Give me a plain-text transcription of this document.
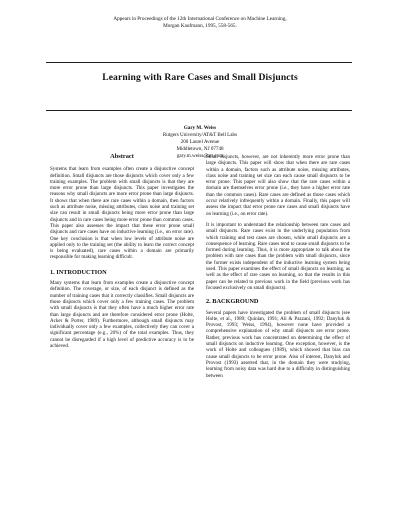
Appears in Proceedings of the 12th International Conference on Machine Learning,
Morgan Kaufmann, 1995, 558-565.
Learning with Rare Cases and Small Disjuncts
Gary M. Weiss
Rutgers University/AT&T Bell Labs
200 Laurel Avenue
Middletown, NJ 07748
gary.m.weiss@att.com
Abstract

Systems that learn from examples often create a disjunctive concept definition. Small disjuncts are those disjuncts which cover only a few training examples. The problem with small disjuncts is that they are more error prone than large disjuncts. This paper investigates the reasons why small disjuncts are more error prone than large disjuncts. It shows that when there are rare cases within a domain, then factors such as attribute noise, missing attributes, class noise and training set size can result in small disjuncts being more error prone than large disjuncts and in rare cases being more error prone than common cases. This paper also assesses the impact that these error prone small disjuncts and rare cases have on inductive learning (i.e., on error rate). One key conclusion is that when low levels of attribute noise are applied only to the training set (the ability to learn the correct concept is being evaluated), rare cases within a domain are primarily responsible for making learning difficult.

1. INTRODUCTION

Many systems that learn from examples create a disjunctive concept definition. The coverage, or size, of each disjunct is defined as the number of training cases that it correctly classifies. Small disjuncts are those disjuncts which cover only a few training cases. The problem with small disjuncts is that they often have a much higher error rate than large disjuncts and are therefore considered error prone (Holte, Acker & Porter, 1989). Furthermore, although small disjuncts may individually cover only a few examples, collectively they can cover a significant percentage (e.g., 20%) of the total examples. Thus, they cannot be disregarded if a high level of predictive accuracy is to be achieved.

Small disjuncts, however, are not inherently more error prone than large disjuncts. This paper will show that when there are rare cases within a domain, factors such as attribute noise, missing attributes, class noise and training set size can each cause small disjuncts to be error prone. This paper will also show that the rare cases within a domain are themselves error prone (i.e., they have a higher error rate than the common cases). Rare cases are defined as those cases which occur relatively infrequently within a domain. Finally, this paper will assess the impact that error prone rare cases and small disjuncts have on learning (i.e., on error rate).

It is important to understand the relationship between rare cases and small disjuncts. Rare cases exist in the underlying population from which training and test cases are chosen, while small disjuncts are a consequence of learning. Rare cases tend to cause small disjuncts to be formed during learning. Thus, it is more appropriate to talk about the problem with rare cases than the problem with small disjuncts, since the former exists independent of the inductive learning system being used. This paper examines the effect of small disjuncts on learning, as well as the effect of rare cases on learning, so that the results in this paper can be related to previous work in the field (previous work has focused exclusively on small disjuncts).

2. BACKGROUND

Several papers have investigated the problem of small disjuncts (see Holte, et al., 1989; Quinlan, 1991; Ali & Pazzani, 1992; Danyluk & Provost, 1993; Weiss, 1994), however none have provided a comprehensive explanation of why small disjuncts are error prone. Rather, previous work has concentrated on determining the effect of small disjuncts on inductive learning. One exception, however, is the work of Holte and colleagues (1989), which showed that bias can cause small disjuncts to be error prone. Also of interest, Danyluk and Provost (1993) asserted that, in the domain they were studying, learning from noisy data was hard due to a difficulty in distinguishing between
